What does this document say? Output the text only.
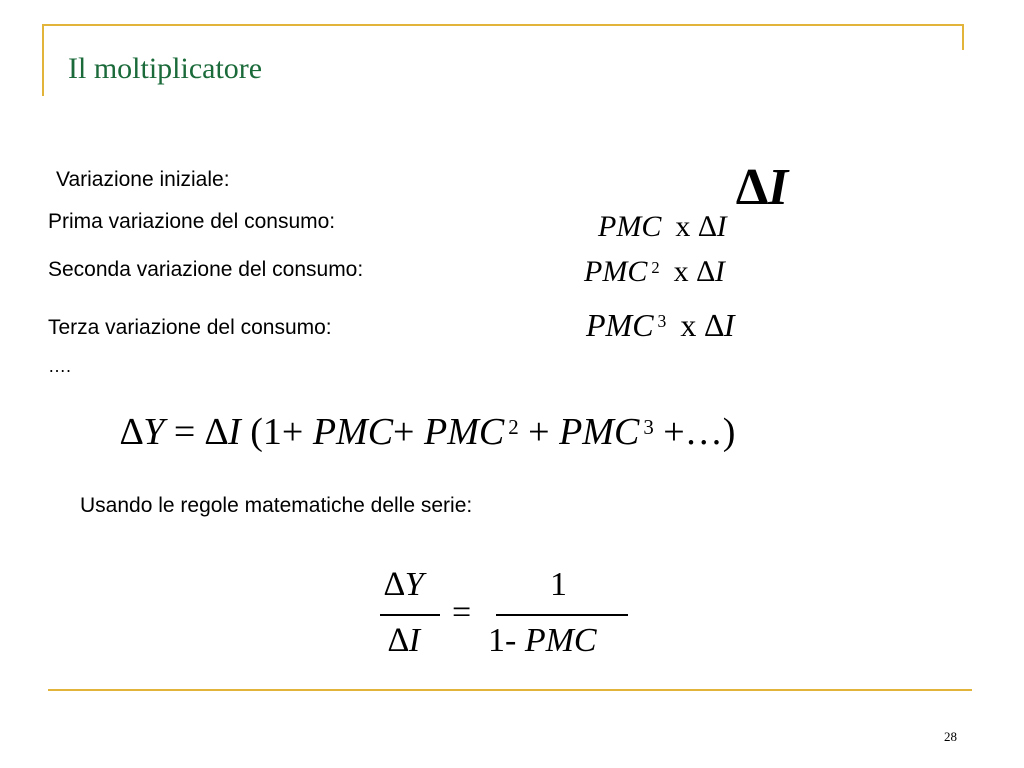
Il moltiplicatore
Variazione iniziale:
Prima variazione del consumo:
Seconda variazione del consumo:
Terza variazione del consumo:
….
∆I
PMC x ∆I
PMC $^2$ x ∆I
PMC $^3$ x ∆I
∆Y = ∆I (1+ PMC+ PMC $^2$ + PMC $^3$ +…)
Usando le regole matematiche delle serie:
∆Y
∆I
=
1
1- PMC
28
